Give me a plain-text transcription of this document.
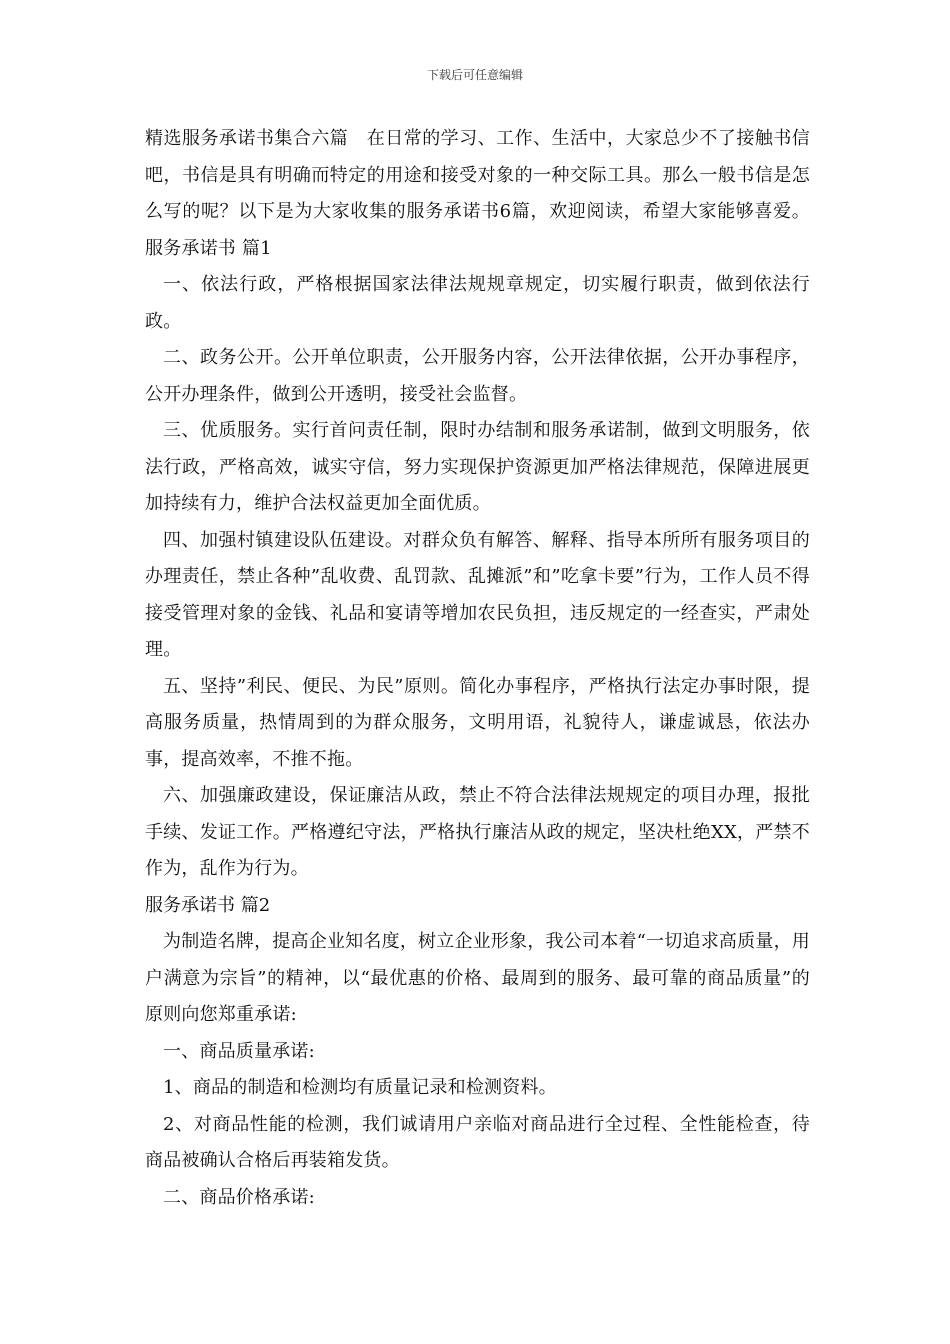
下载后可任意编辑

精选服务承诺书集合六篇　在日常的学习、工作、生活中，大家总少不了接触书信吧，书信是具有明确而特定的用途和接受对象的一种交际工具。那么一般书信是怎么写的呢？以下是为大家收集的服务承诺书6篇，欢迎阅读，希望大家能够喜爱。服务承诺书 篇1

一、依法行政，严格根据国家法律法规规章规定，切实履行职责，做到依法行政。

二、政务公开。公开单位职责，公开服务内容，公开法律依据，公开办事程序，公开办理条件，做到公开透明，接受社会监督。

三、优质服务。实行首问责任制，限时办结制和服务承诺制，做到文明服务，依法行政，严格高效，诚实守信，努力实现保护资源更加严格法律规范，保障进展更加持续有力，维护合法权益更加全面优质。

四、加强村镇建设队伍建设。对群众负有解答、解释、指导本所所有服务项目的办理责任，禁止各种”乱收费、乱罚款、乱摊派”和”吃拿卡要”行为，工作人员不得接受管理对象的金钱、礼品和宴请等增加农民负担，违反规定的一经查实，严肃处理。

五、坚持”利民、便民、为民”原则。简化办事程序，严格执行法定办事时限，提高服务质量，热情周到的为群众服务，文明用语，礼貌待人，谦虚诚恳，依法办事，提高效率，不推不拖。

六、加强廉政建设，保证廉洁从政，禁止不符合法律法规规定的项目办理，报批手续、发证工作。严格遵纪守法，严格执行廉洁从政的规定，坚决杜绝XX，严禁不作为，乱作为行为。

服务承诺书 篇2

为制造名牌，提高企业知名度，树立企业形象，我公司本着“一切追求高质量，用户满意为宗旨”的精神，以“最优惠的价格、最周到的服务、最可靠的商品质量”的原则向您郑重承诺:

一、商品质量承诺:

1、商品的制造和检测均有质量记录和检测资料。

2、对商品性能的检测，我们诚请用户亲临对商品进行全过程、全性能检查，待商品被确认合格后再装箱发货。

二、商品价格承诺:
